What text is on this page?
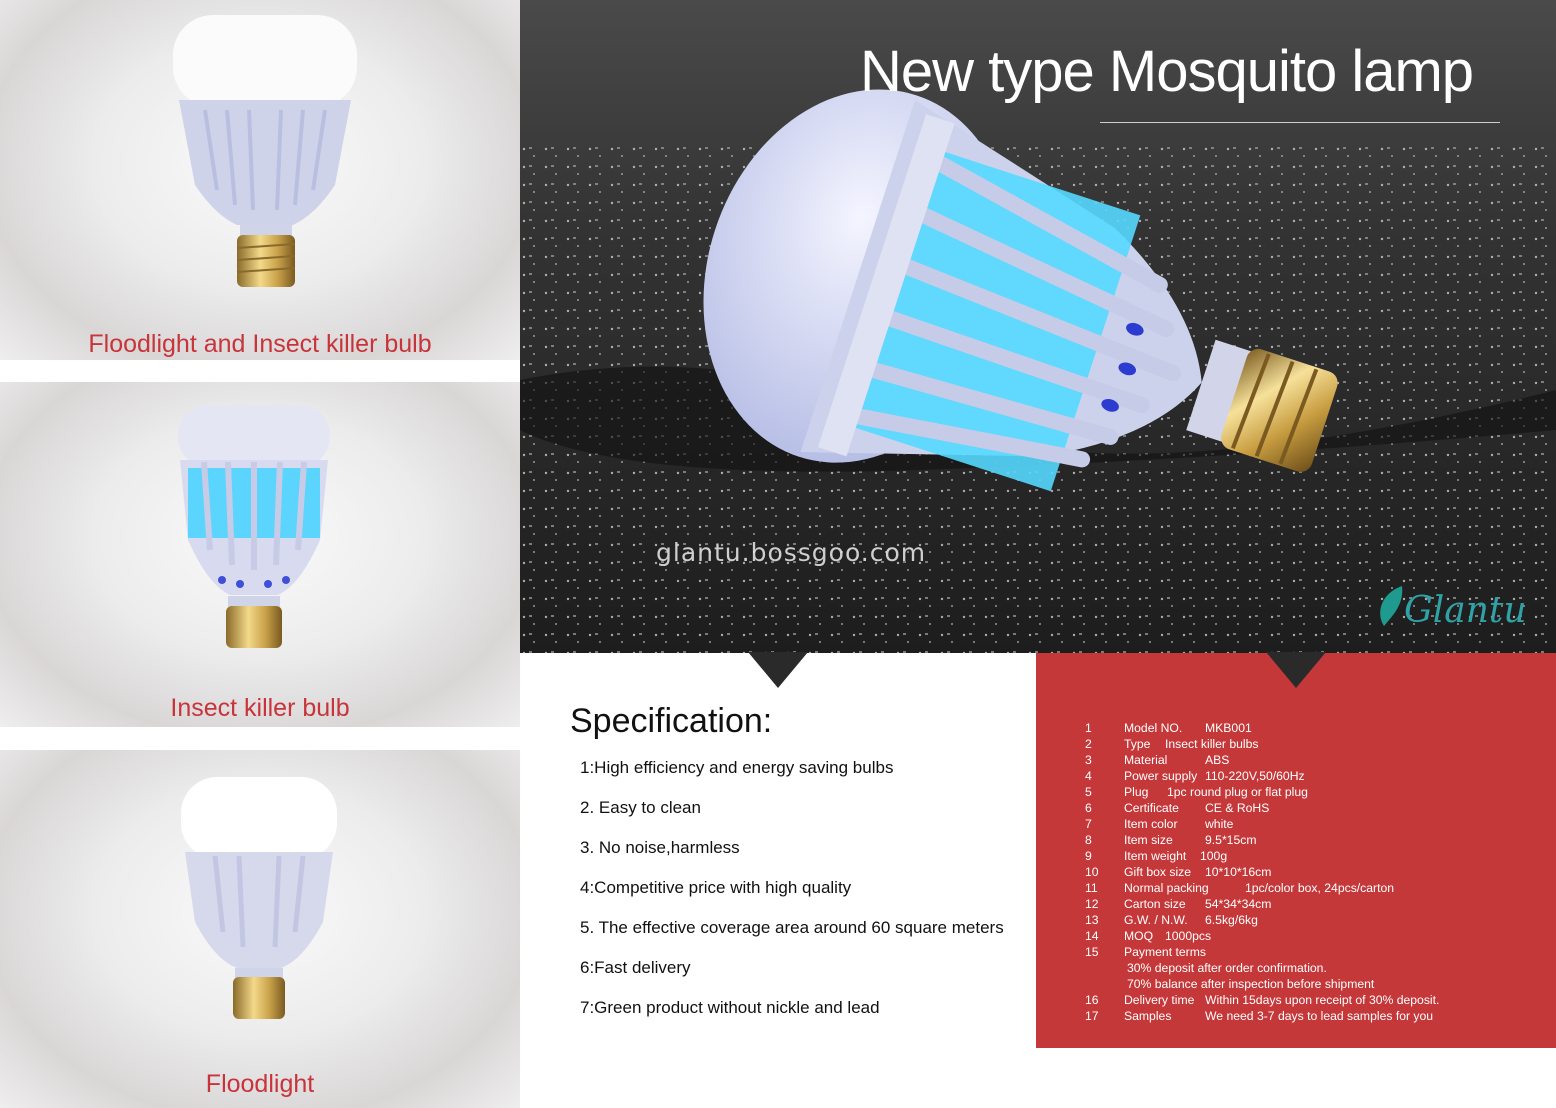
Floodlight and Insect killer bulb
Insect killer bulb
Floodlight
New type Mosquito lamp
glantu.bossgoo.com
Glantu
Specification:
1:High efficiency and energy saving bulbs
2. Easy to clean
3. No noise,harmless
4:Competitive price with high quality
5. The effective coverage area around 60 square meters
6:Fast delivery
7:Green product without nickle and lead
1	Model NO. MKB001
2	Type Insect killer bulbs
3	Material	ABS
4	Power supply 110-220V,50/60Hz
5	Plug 1pc round plug or flat plug
6	Certificate CE & RoHS
7	Item color white
8	Item size	9.5*15cm
9	Item weight 100g
10 Gift box size 10*10*16cm
11 Normal packing	1pc/color box, 24pcs/carton
12 Carton size 54*34*34cm
13 G.W. / N.W. 6.5kg/6kg
14 MOQ 1000pcs
15 Payment terms
30% deposit after order confirmation.
70% balance after inspection before shipment
16 Delivery time Within 15days upon receipt of 30% deposit.
17 Samples	We need 3-7 days to lead samples for you
